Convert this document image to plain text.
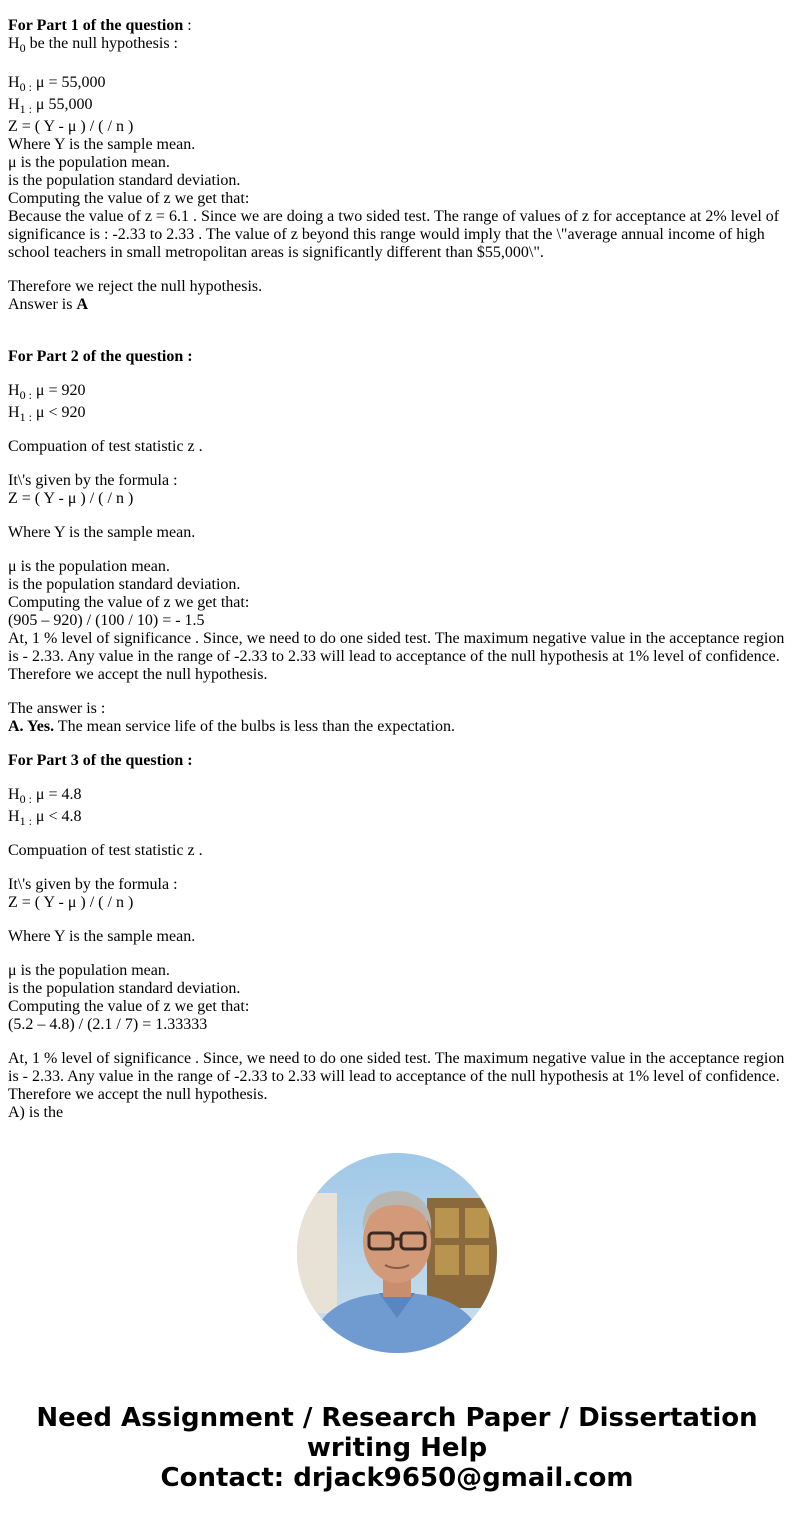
For Part 1 of the question :
$H_0$ be the null hypothesis :
$H_{0 :}$ μ = 55,000
$H_{1 :}$ μ 55,000
Z = ( Y - μ ) / ( / n )
Where Y is the sample mean.
μ is the population mean.
is the population standard deviation.
Computing the value of z we get that:
Because the value of z = 6.1 . Since we are doing a two sided test. The range of values of z for acceptance at 2% level of significance is : -2.33 to 2.33 . The value of z beyond this range would imply that the \"average annual income of high school teachers in small metropolitan areas is significantly different than $55,000\".
Therefore we reject the null hypothesis.
Answer is A
For Part 2 of the question :
$H_{0 :}$ μ = 920
$H_{1 :}$ μ < 920
Compuation of test statistic z .
It\'s given by the formula :
Z = ( Y - μ ) / ( / n )
Where Y is the sample mean.
μ is the population mean.
is the population standard deviation.
Computing the value of z we get that:
(905 – 920) / (100 / 10) = - 1.5
At, 1 % level of significance . Since, we need to do one sided test. The maximum negative value in the acceptance region is - 2.33. Any value in the range of -2.33 to 2.33 will lead to acceptance of the null hypothesis at 1% level of confidence.
Therefore we accept the null hypothesis.
The answer is :
A. Yes. The mean service life of the bulbs is less than the expectation.
For Part 3 of the question :
$H_{0 :}$ μ = 4.8
$H_{1 :}$ μ < 4.8
Compuation of test statistic z .
It\'s given by the formula :
Z = ( Y - μ ) / ( / n )
Where Y is the sample mean.
μ is the population mean.
is the population standard deviation.
Computing the value of z we get that:
(5.2 – 4.8) / (2.1 / 7) = 1.33333
At, 1 % level of significance . Since, we need to do one sided test. The maximum negative value in the acceptance region is - 2.33. Any value in the range of -2.33 to 2.33 will lead to acceptance of the null hypothesis at 1% level of confidence.
Therefore we accept the null hypothesis.
A) is the
Need Assignment / Research Paper / Dissertation
writing Help
Contact: drjack9650@gmail.com
